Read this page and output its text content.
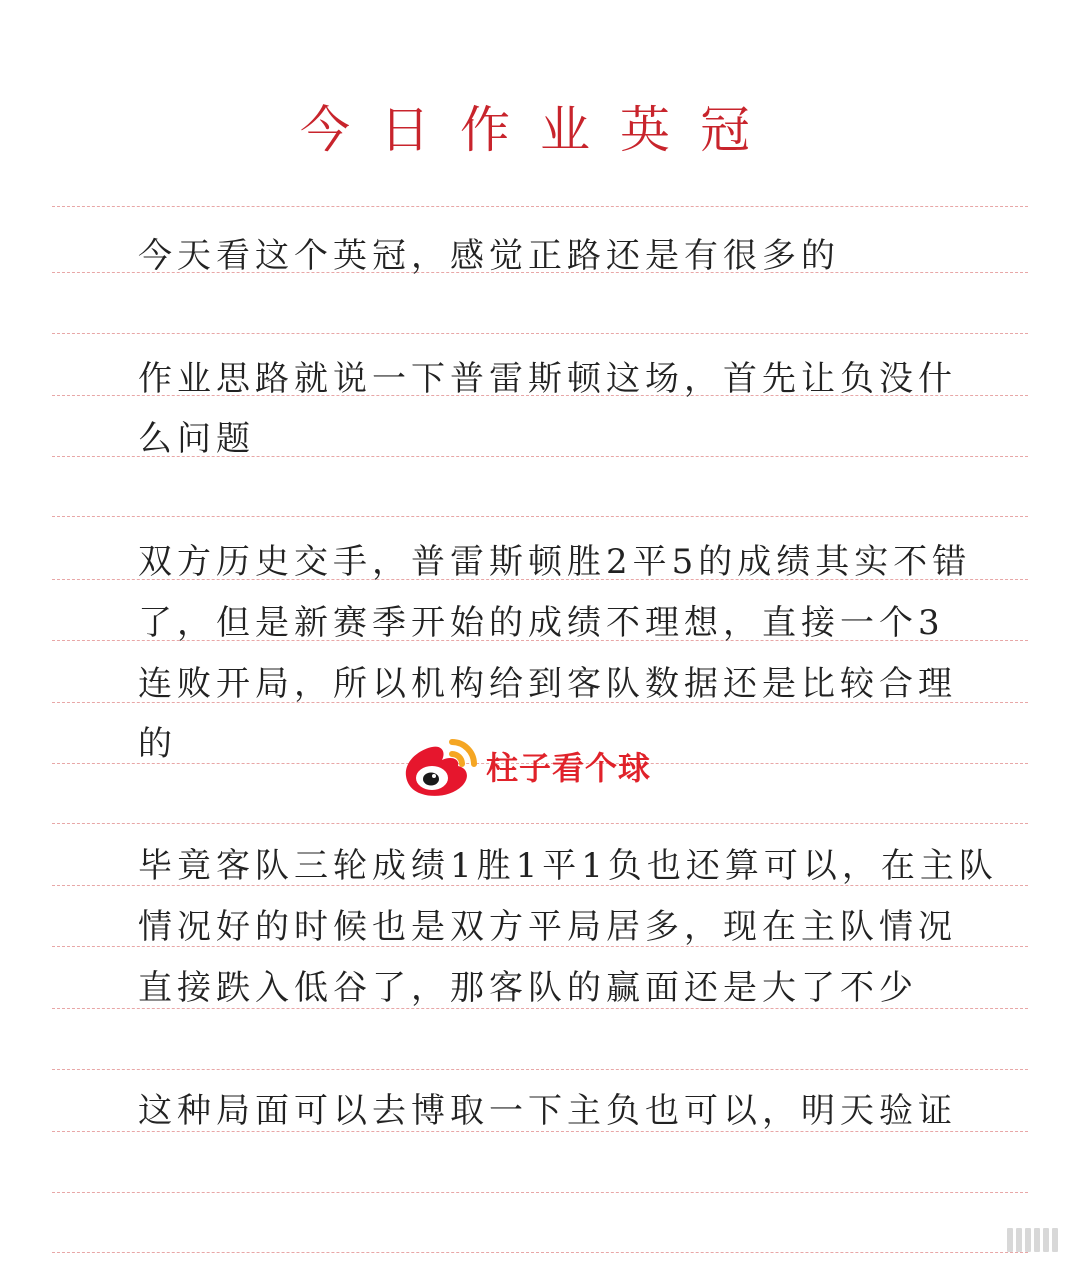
今日作业英冠
今天看这个英冠，感觉正路还是有很多的
作业思路就说一下普雷斯顿这场，首先让负没什
么问题
双方历史交手，普雷斯顿胜2平5的成绩其实不错
了，但是新赛季开始的成绩不理想，直接一个3
连败开局，所以机构给到客队数据还是比较合理
的
毕竟客队三轮成绩1胜1平1负也还算可以，在主队
情况好的时候也是双方平局居多，现在主队情况
直接跌入低谷了，那客队的赢面还是大了不少
这种局面可以去博取一下主负也可以，明天验证
柱子看个球
